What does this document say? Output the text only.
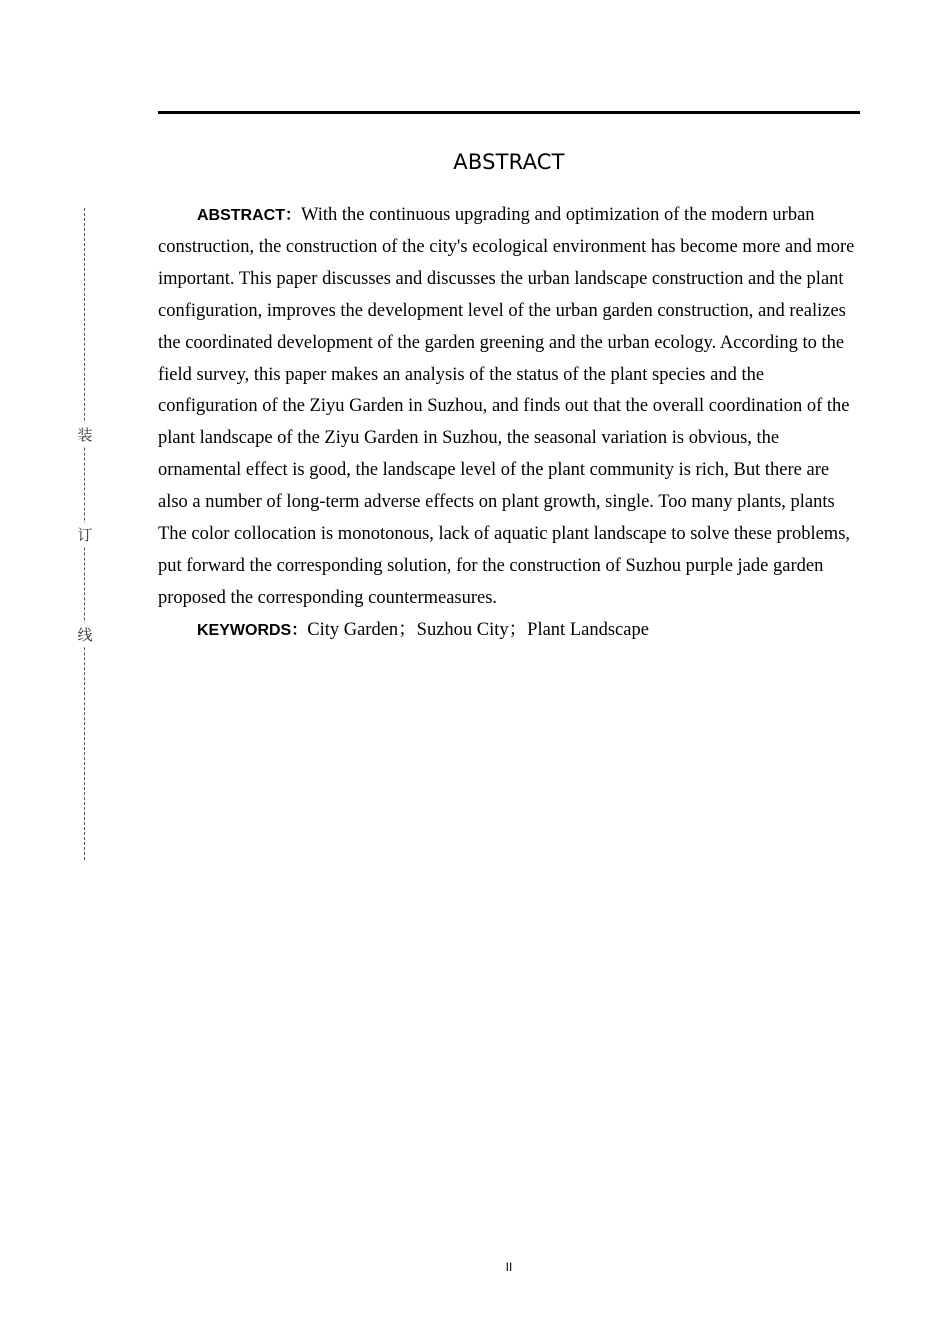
ABSTRACT

ABSTRACT：With the continuous upgrading and optimization of the modern urban construction, the construction of the city's ecological environment has become more and more important. This paper discusses and discusses the urban landscape construction and the plant configuration, improves the development level of the urban garden construction, and realizes the coordinated development of the garden greening and the urban ecology. According to the field survey, this paper makes an analysis of the status of the plant species and the configuration of the Ziyu Garden in Suzhou, and finds out that the overall coordination of the plant landscape of the Ziyu Garden in Suzhou, the seasonal variation is obvious, the ornamental effect is good, the landscape level of the plant community is rich, But there are also a number of long-term adverse effects on plant growth, single. Too many plants, plants The color collocation is monotonous, lack of aquatic plant landscape to solve these problems, put forward the corresponding solution, for the construction of Suzhou purple jade garden proposed the corresponding countermeasures.

KEYWORDS：City Garden；Suzhou City；Plant Landscape

装
订
线
II
